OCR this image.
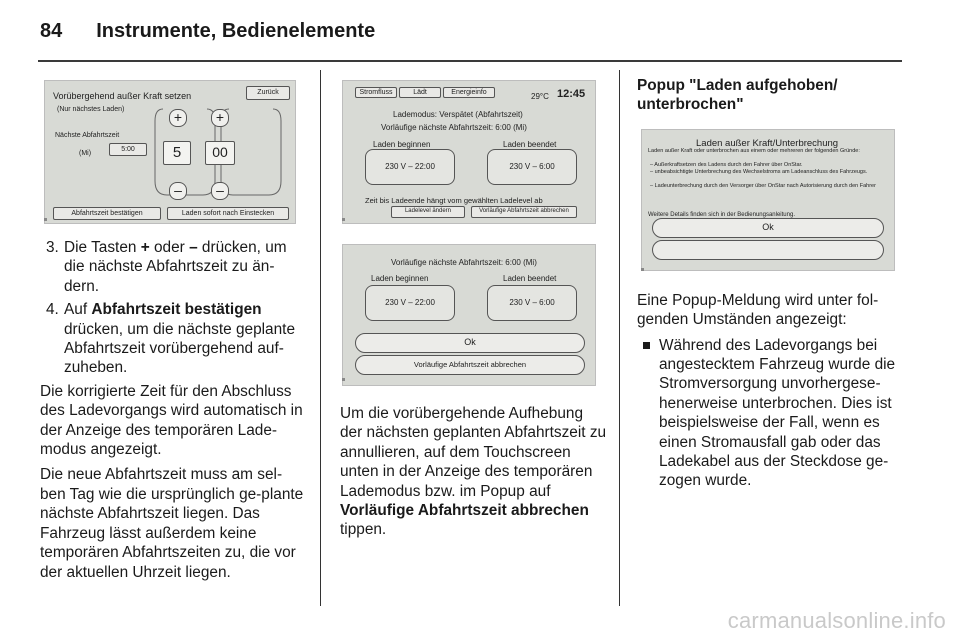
84 Instrumente, Bedienelemente
Vorübergehend außer Kraft setzen
(Nur nächstes Laden)
Zurück
Nächste Abfahrtszeit
(Mi)
5:00
+
5
–
+
00
–
Abfahrtszeit bestätigen	Laden sofort nach Einstecken
3. Die Tasten + oder – drücken, um die nächste Abfahrtszeit zu än-dern.
4. Auf Abfahrtszeit bestätigen drücken, um die nächste geplante Abfahrtszeit vorübergehend auf-zuheben.

Die korrigierte Zeit für den Abschluss des Ladevorgangs wird automatisch in der Anzeige des temporären Lade-modus angezeigt.

Die neue Abfahrtszeit muss am sel-ben Tag wie die ursprünglich ge-plante nächste Abfahrtszeit liegen. Das Fahrzeug lässt außerdem keine temporären Abfahrtszeiten zu, die vor der aktuellen Uhrzeit liegen.

Stromfluss	Lädt	Energieinfo	29°C 12:45
Lademodus: Verspätet (Abfahrtszeit)
Vorläufige nächste Abfahrtszeit: 6:00 (Mi)
Laden beginnen	Laden beendet
230 V – 22:00	230 V – 6:00
Zeit bis Ladeende hängt vom gewählten Ladelevel ab
Ladelevel ändern	Vorläufige Abfahrtszeit abbrechen
Vorläufige nächste Abfahrtszeit: 6:00 (Mi)
Laden beginnen	Laden beendet
230 V – 22:00	230 V – 6:00
Ok
Vorläufige Abfahrtszeit abbrechen

Um die vorübergehende Aufhebung der nächsten geplanten Abfahrtszeit zu annullieren, auf dem Touchscreen unten in der Anzeige des temporären Lademodus bzw. im Popup auf Vorläufige Abfahrtszeit abbrechen tippen.

Popup "Laden aufgehoben/ unterbrochen"

Laden außer Kraft/Unterbrechung
Laden außer Kraft oder unterbrochen aus einem oder mehreren der folgenden Gründe:
– Außerkraftsetzen des Ladens durch den Fahrer über OnStar.
– unbeabsichtigte Unterbrechung des Wechselstroms am Ladeanschluss des Fahrzeugs.
– Ladeunterbrechung durch den Versorger über OnStar nach Autorisierung durch den Fahrer
Weitere Details finden sich in der Bedienungsanleitung.
Ok

Eine Popup-Meldung wird unter fol-genden Umständen angezeigt:

Während des Ladevorgangs bei angestecktem Fahrzeug wurde die Stromversorgung unvorhergese-henerweise unterbrochen. Dies ist beispielsweise der Fall, wenn es einen Stromausfall gab oder das Ladekabel aus der Steckdose ge-zogen wurde.
carmanualsonline.info
